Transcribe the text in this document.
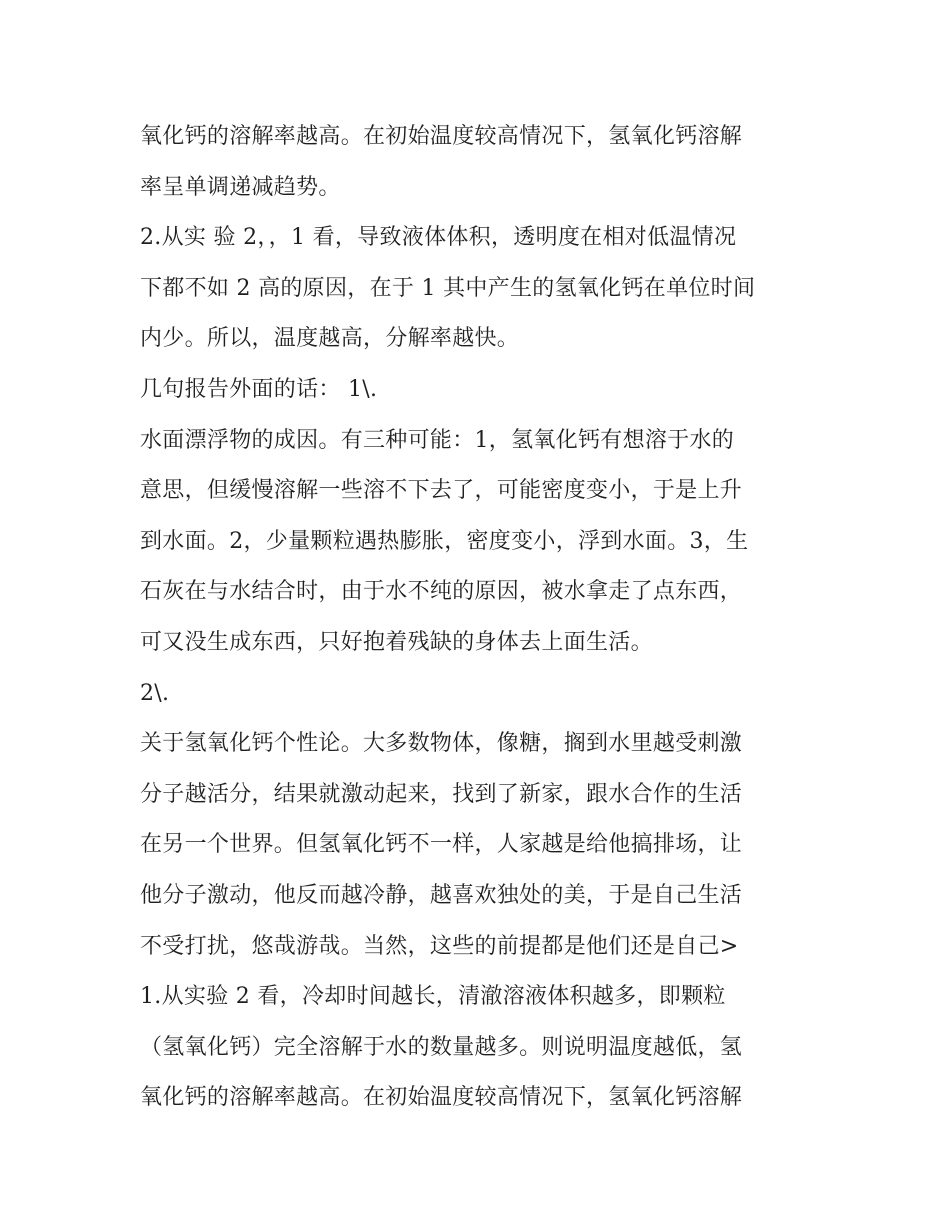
氧化钙的溶解率越高。在初始温度较高情况下，氢氧化钙溶解
率呈单调递减趋势。
2.从实 验 2，，1 看，导致液体体积，透明度在相对低温情况
下都不如 2 高的原因，在于 1 其中产生的氢氧化钙在单位时间
内少。所以，温度越高，分解率越快。
几句报告外面的话： 1\.
水面漂浮物的成因。有三种可能：1，氢氧化钙有想溶于水的
意思，但缓慢溶解一些溶不下去了，可能密度变小，于是上升
到水面。2，少量颗粒遇热膨胀，密度变小，浮到水面。3，生
石灰在与水结合时，由于水不纯的原因，被水拿走了点东西，
可又没生成东西，只好抱着残缺的身体去上面生活。
2\.
关于氢氧化钙个性论。大多数物体，像糖，搁到水里越受刺激
分子越活分，结果就激动起来，找到了新家，跟水合作的生活
在另一个世界。但氢氧化钙不一样，人家越是给他搞排场，让
他分子激动，他反而越冷静，越喜欢独处的美，于是自己生活
不受打扰，悠哉游哉。当然，这些的前提都是他们还是自己>
1.从实验 2 看，冷却时间越长，清澈溶液体积越多，即颗粒
（氢氧化钙）完全溶解于水的数量越多。则说明温度越低，氢
氧化钙的溶解率越高。在初始温度较高情况下，氢氧化钙溶解
